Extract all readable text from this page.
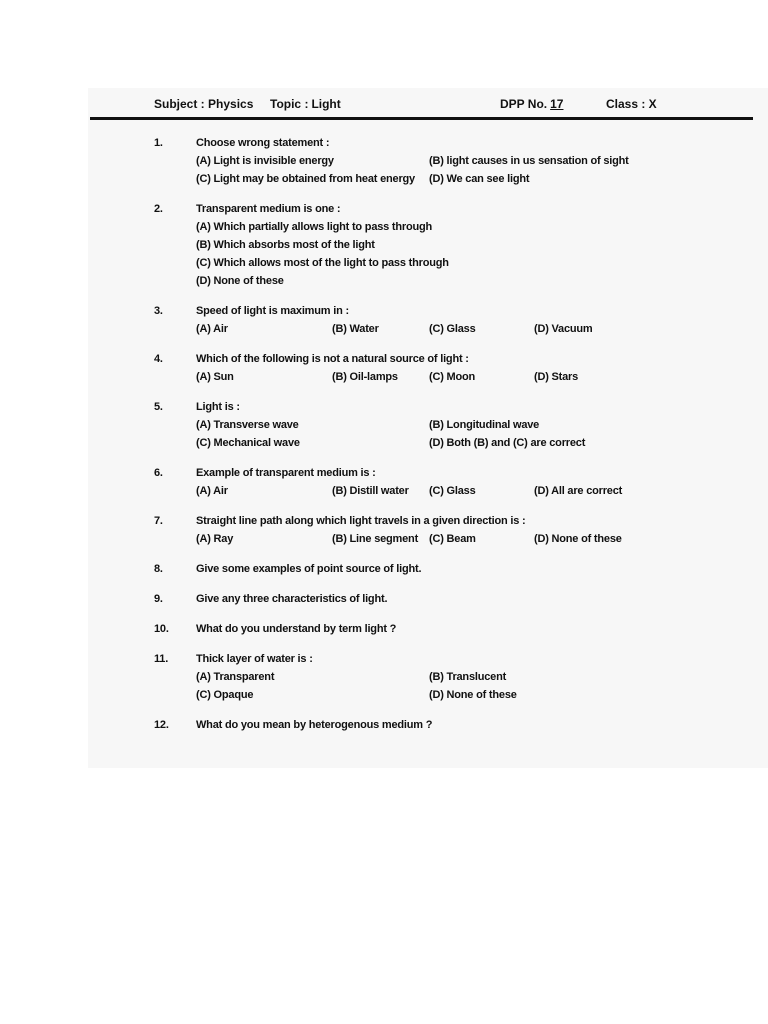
Subject : Physics Topic : Light	DPP No. 17	Class : X
1.	Choose wrong statement :
(A) Light is invisible energy	(B) light causes in us sensation of sight
(C) Light may be obtained from heat energy (D) We can see light
2.	Transparent medium is one :
(A) Which partially allows light to pass through
(B) Which absorbs most of the light
(C) Which allows most of the light to pass through
(D) None of these
3.	Speed of light is maximum in :
(A) Air	(B) Water	(C) Glass	(D) Vacuum
4.	Which of the following is not a natural source of light :
(A) Sun	(B) Oil-lamps	(C) Moon	(D) Stars
5.	Light is :
(A) Transverse wave	(B) Longitudinal wave
(C) Mechanical wave	(D) Both (B) and (C) are correct
6.	Example of transparent medium is :
(A) Air	(B) Distill water (C) Glass	(D) All are correct
7.	Straight line path along which light travels in a given direction is :
(A) Ray	(B) Line segment (C) Beam	(D) None of these
8.	Give some examples of point source of light.
9.	Give any three characteristics of light.
10. What do you understand by term light ?
11.	Thick layer of water is :
(A) Transparent	(B) Translucent
(C) Opaque	(D) None of these
12. What do you mean by heterogenous medium ?
